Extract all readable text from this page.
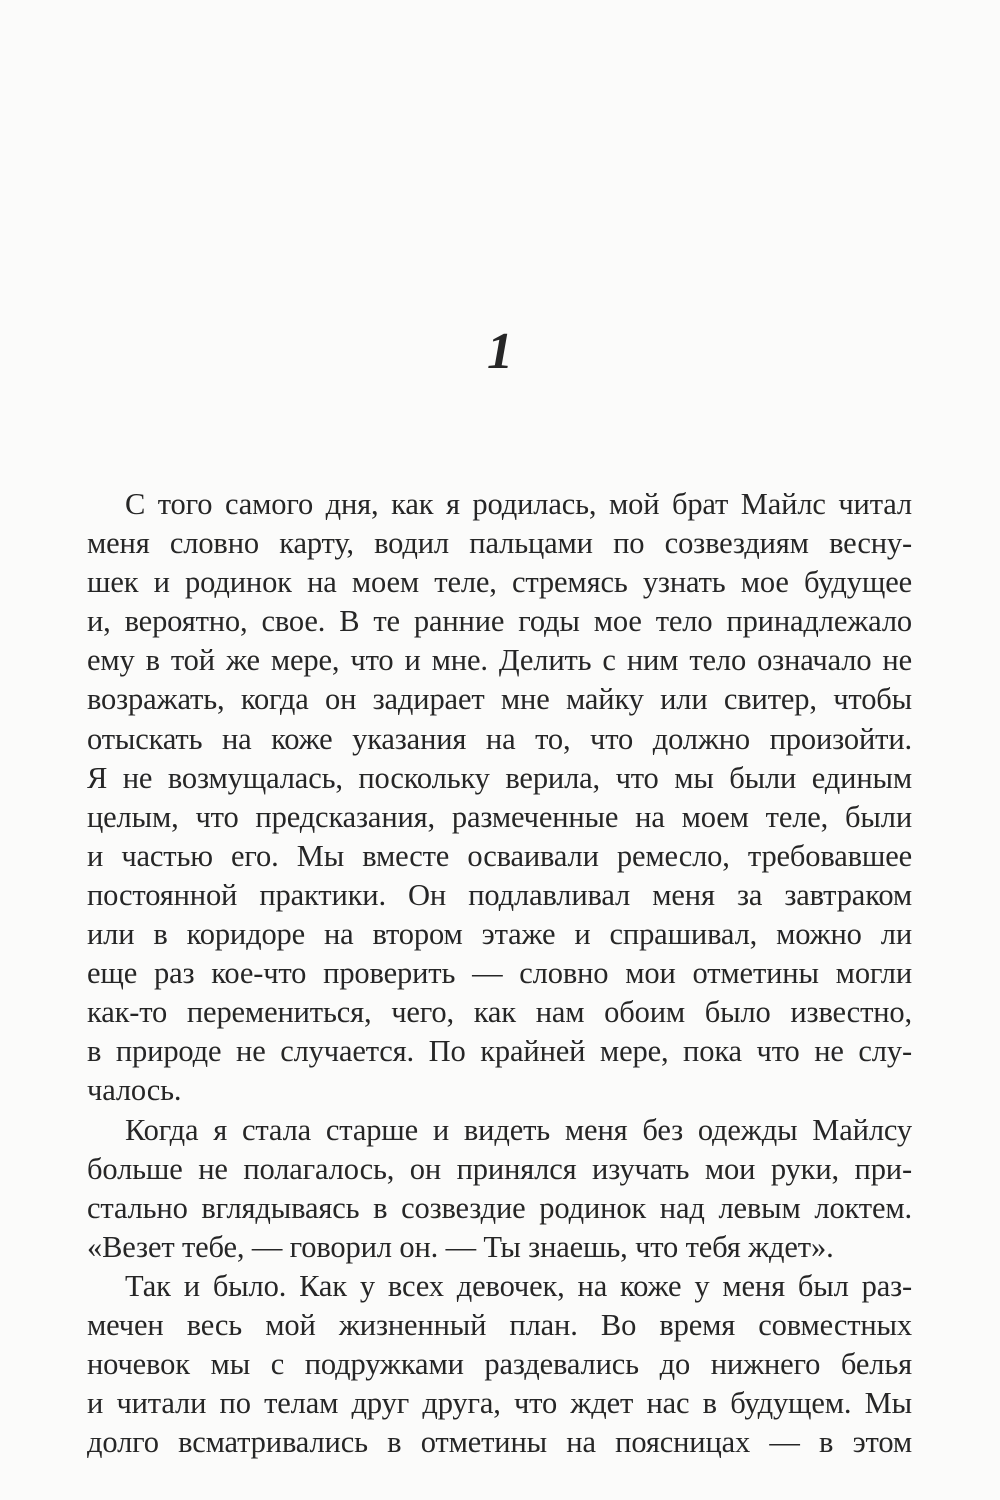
1
С того самого дня, как я родилась, мой брат Майлс читал
меня словно карту, водил пальцами по созвездиям весну-
шек и родинок на моем теле, стремясь узнать мое будущее
и, вероятно, свое. В те ранние годы мое тело принадлежало
ему в той же мере, что и мне. Делить с ним тело означало не
возражать, когда он задирает мне майку или свитер, чтобы
отыскать на коже указания на то, что должно произойти.
Я не возмущалась, поскольку верила, что мы были единым
целым, что предсказания, размеченные на моем теле, были
и частью его. Мы вместе осваивали ремесло, требовавшее
постоянной практики. Он подлавливал меня за завтраком
или в коридоре на втором этаже и спрашивал, можно ли
еще раз кое-что проверить — словно мои отметины могли
как-то перемениться, чего, как нам обоим было известно,
в природе не случается. По крайней мере, пока что не слу-
чалось.
Когда я стала старше и видеть меня без одежды Майлсу
больше не полагалось, он принялся изучать мои руки, при-
стально вглядываясь в созвездие родинок над левым локтем.
«Везет тебе, — говорил он. — Ты знаешь, что тебя ждет».
Так и было. Как у всех девочек, на коже у меня был раз-
мечен весь мой жизненный план. Во время совместных
ночевок мы с подружками раздевались до нижнего белья
и читали по телам друг друга, что ждет нас в будущем. Мы
долго всматривались в отметины на поясницах — в этом
